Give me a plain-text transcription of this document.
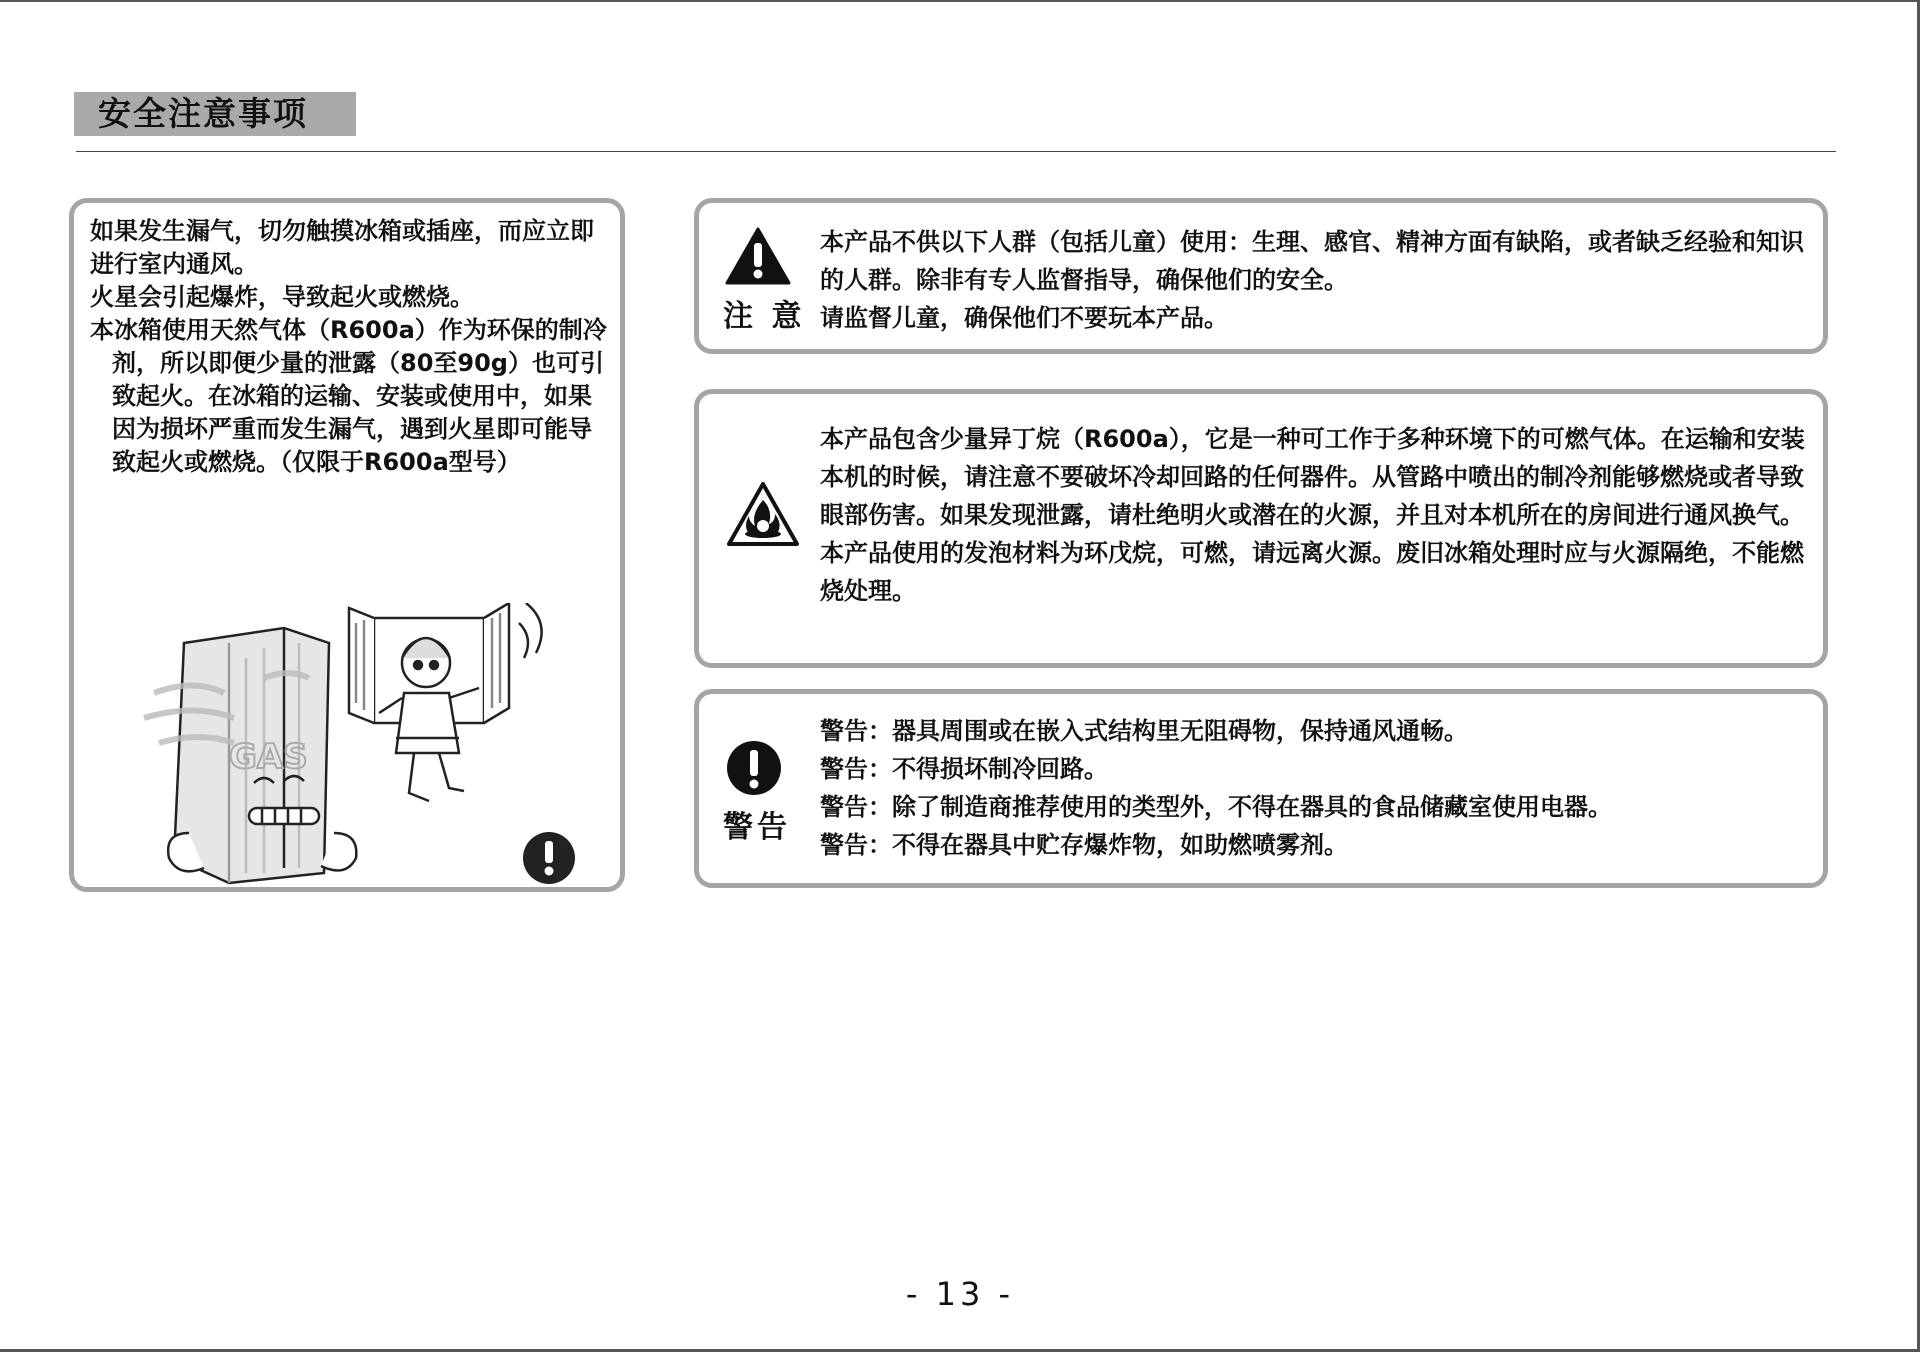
安全注意事项

如果发生漏气，切勿触摸冰箱或插座，而应立即进行室内通风。

火星会引起爆炸，导致起火或燃烧。
本冰箱使用天然气体（R600a）作为环保的制冷剂，所以即便少量的泄露（80至90g）也可引致起火。在冰箱的运输、安装或使用中，如果因为损坏严重而发生漏气，遇到火星即可能导致起火或燃烧。（仅限于R600a型号）
GAS
注 意

本产品不供以下人群（包括儿童）使用：生理、感官、精神方面有缺陷，或者缺乏经验和知识的人群。除非有专人监督指导，确保他们的安全。

请监督儿童，确保他们不要玩本产品。

本产品包含少量异丁烷（R600a），它是一种可工作于多种环境下的可燃气体。在运输和安装本机的时候，请注意不要破坏冷却回路的任何器件。从管路中喷出的制冷剂能够燃烧或者导致眼部伤害。如果发现泄露，请杜绝明火或潜在的火源，并且对本机所在的房间进行通风换气。

本产品使用的发泡材料为环戊烷，可燃，请远离火源。废旧冰箱处理时应与火源隔绝，不能燃烧处理。

警告

警告：器具周围或在嵌入式结构里无阻碍物，保持通风通畅。

警告：不得损坏制冷回路。

警告：除了制造商推荐使用的类型外，不得在器具的食品储藏室使用电器。

警告：不得在器具中贮存爆炸物，如助燃喷雾剂。

- 13 -
